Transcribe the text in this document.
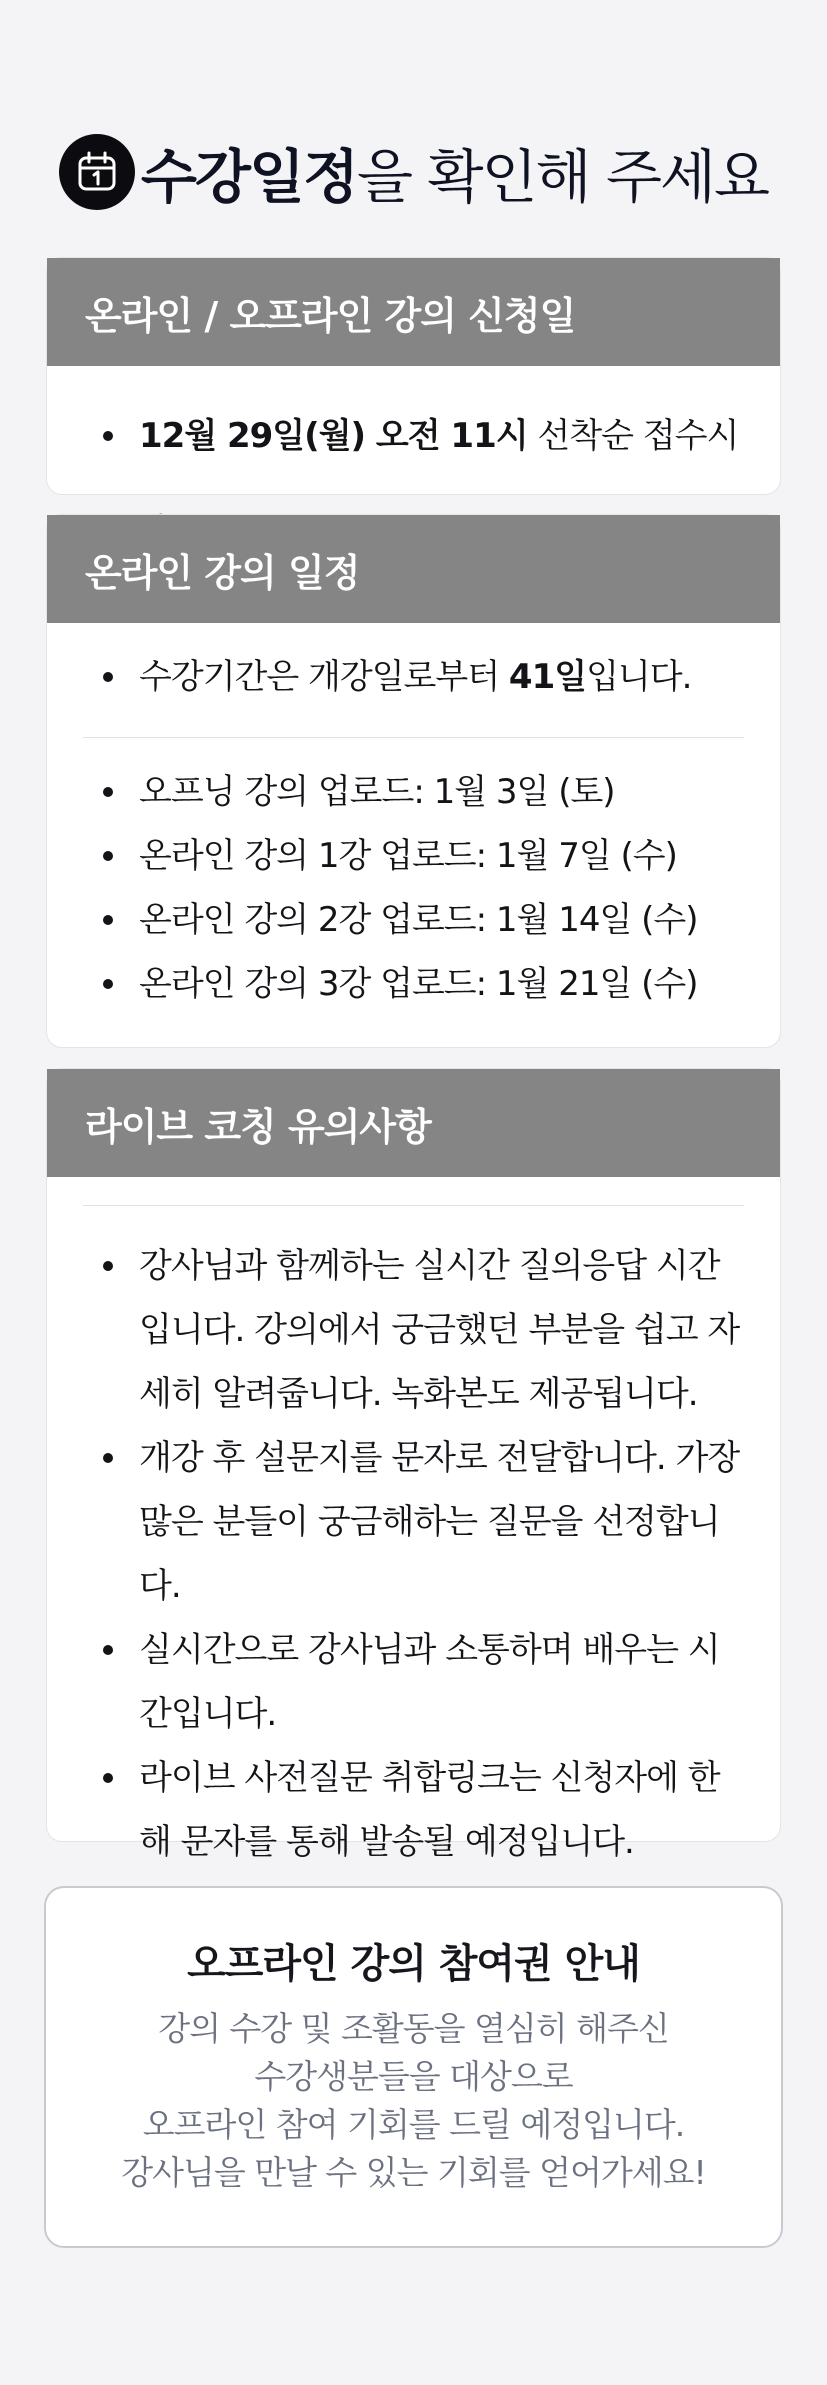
수강일정을 확인해 주세요
온라인 / 오프라인 강의 신청일
12월 29일(월) 오전 11시 선착순 접수시
온라인 강의 일정
수강기간은 개강일로부터 41일입니다.
오프닝 강의 업로드: 1월 3일 (토)
온라인 강의 1강 업로드: 1월 7일 (수)
온라인 강의 2강 업로드: 1월 14일 (수)
온라인 강의 3강 업로드: 1월 21일 (수)
라이브 코칭 유의사항
강사님과 함께하는 실시간 질의응답 시간 입니다. 강의에서 궁금했던 부분을 쉽고 자세히 알려줍니다. 녹화본도 제공됩니다.
개강 후 설문지를 문자로 전달합니다. 가장 많은 분들이 궁금해하는 질문을 선정합니다.
실시간으로 강사님과 소통하며 배우는 시간입니다.
라이브 사전질문 취합링크는 신청자에 한해 문자를 통해 발송될 예정입니다.
오프라인 강의 참여권 안내

강의 수강 및 조활동을 열심히 해주신

수강생분들을 대상으로

오프라인 참여 기회를 드릴 예정입니다.

강사님을 만날 수 있는 기회를 얻어가세요!
